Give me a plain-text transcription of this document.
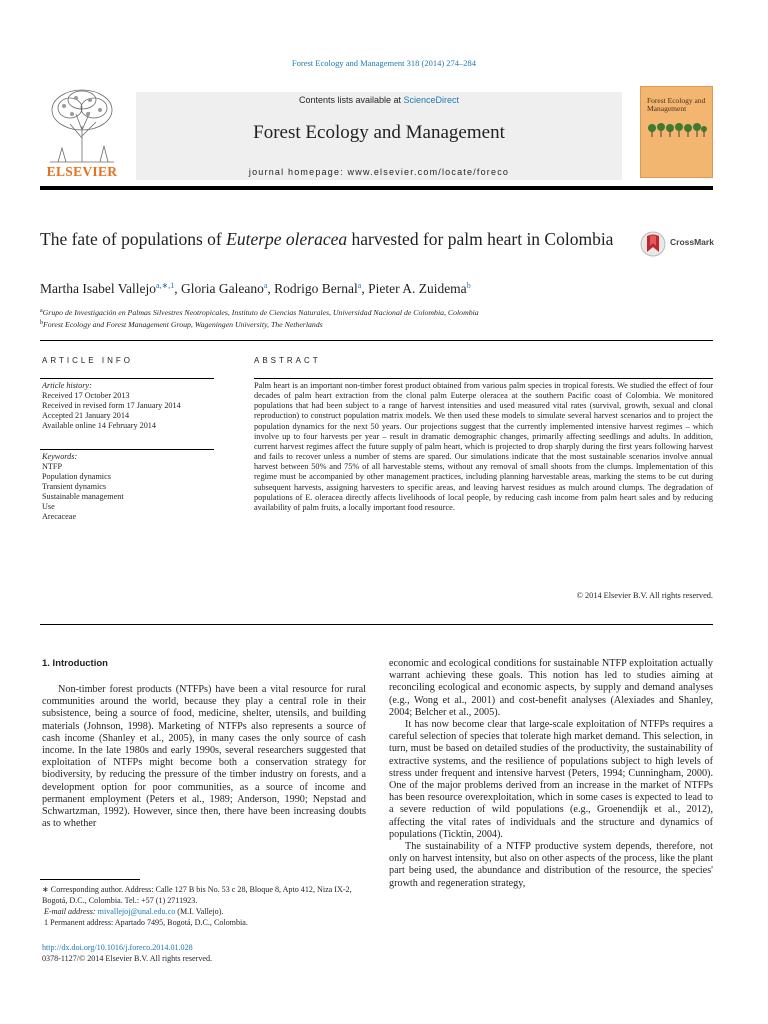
Forest Ecology and Management 318 (2014) 274–284
ELSEVIER
Contents lists available at ScienceDirect
Forest Ecology and Management
journal homepage: www.elsevier.com/locate/foreco
Forest Ecology and Management
The fate of populations of Euterpe oleracea harvested for palm heart in Colombia	CrossMark
Martha Isabel Vallejo$^{a,∗,1}$, Gloria Galeano$^a$, Rodrigo Bernal$^a$, Pieter A. Zuidema$^b$
$^a$Grupo de Investigación en Palmas Silvestres Neotropicales, Instituto de Ciencias Naturales, Universidad Nacional de Colombia, Colombia
$^b$Forest Ecology and Forest Management Group, Wageningen University, The Netherlands
ARTICLE INFO	ABSTRACT
Article history:
Received 17 October 2013
Received in revised form 17 January 2014
Accepted 21 January 2014
Available online 14 February 2014
Keywords:
NTFP
Population dynamics
Transient dynamics
Sustainable management
Use
Arecaceae
Palm heart is an important non-timber forest product obtained from various palm species in tropical forests. We studied the effect of four decades of palm heart extraction from the clonal palm Euterpe oleracea at the southern Pacific coast of Colombia. We monitored populations that had been subject to a range of harvest intensities and used measured vital rates (survival, growth, sexual and clonal reproduction) to construct population matrix models. We then used these models to simulate several harvest scenarios and to project the population dynamics for the next 50 years. Our projections suggest that the currently implemented intensive harvest regimes – which involve up to four harvests per year – result in dramatic demographic changes, primarily affecting seedlings and adults. In addition, current harvest regimes affect the future supply of palm heart, which is projected to drop sharply during the first years following harvest and fails to recover unless a number of stems are spared. Our simulations indicate that the most sustainable scenarios involve annual harvest between 50% and 75% of all harvestable stems, without any removal of small shoots from the clumps. Implementation of this regime must be accompanied by other management practices, including planning harvestable areas, marking the stems to be cut during subsequent harvests, assigning harvesters to specific areas, and leaving harvest residues as mulch around clumps. The degradation of populations of E. oleracea directly affects livelihoods of local people, by reducing cash income from palm heart sales and by reducing availability of palm fruits, a locally important food resource.
© 2014 Elsevier B.V. All rights reserved.
1. Introduction

Non-timber forest products (NTFPs) have been a vital resource for rural communities around the world, because they play a central role in their subsistence, being a source of food, medicine, shelter, utensils, and building materials (Johnson, 1998). Marketing of NTFPs also represents a source of cash income (Shanley et al., 2005), in many cases the only source of cash income. In the late 1980s and early 1990s, several researchers suggested that exploitation of NTFPs might become both a conservation strategy for biodiversity, by reducing the pressure of the timber industry on forests, and a development option for poor communities, as a source of income and permanent employment (Peters et al., 1989; Anderson, 1990; Nepstad and Schwartzman, 1992). However, since then, there have been increasing doubts as to whether

economic and ecological conditions for sustainable NTFP exploitation actually warrant achieving these goals. This notion has led to studies aiming at reconciling ecological and economic aspects, by supply and demand analyses (e.g., Wong et al., 2001) and cost-benefit analyses (Alexiades and Shanley, 2004; Belcher et al., 2005).

It has now become clear that large-scale exploitation of NTFPs requires a careful selection of species that tolerate high market demand. This selection, in turn, must be based on detailed studies of the productivity, the sustainability of extractive systems, and the resilience of populations subject to high levels of stress under frequent and intensive harvest (Peters, 1994; Cunningham, 2000). One of the major problems derived from an increase in the market of NTFPs has been resource overexploitation, which in some cases is expected to lead to a severe reduction of wild populations (e.g., Groenendijk et al., 2012), affecting the vital rates of individuals and the structure and dynamics of populations (Ticktin, 2004).

The sustainability of a NTFP productive system depends, therefore, not only on harvest intensity, but also on other aspects of the process, like the plant part being used, the abundance and distribution of the resource, the species' growth and regeneration strategy,

∗ Corresponding author. Address: Calle 127 B bis No. 53 c 28, Bloque 8, Apto 412, Niza IX-2, Bogotá, D.C., Colombia. Tel.: +57 (1) 2711923.
E-mail address: mivallejoj@unal.edu.co (M.I. Vallejo).
1 Permanent address: Apartado 7495, Bogotá, D.C., Colombia.
http://dx.doi.org/10.1016/j.foreco.2014.01.028
0378-1127/© 2014 Elsevier B.V. All rights reserved.
